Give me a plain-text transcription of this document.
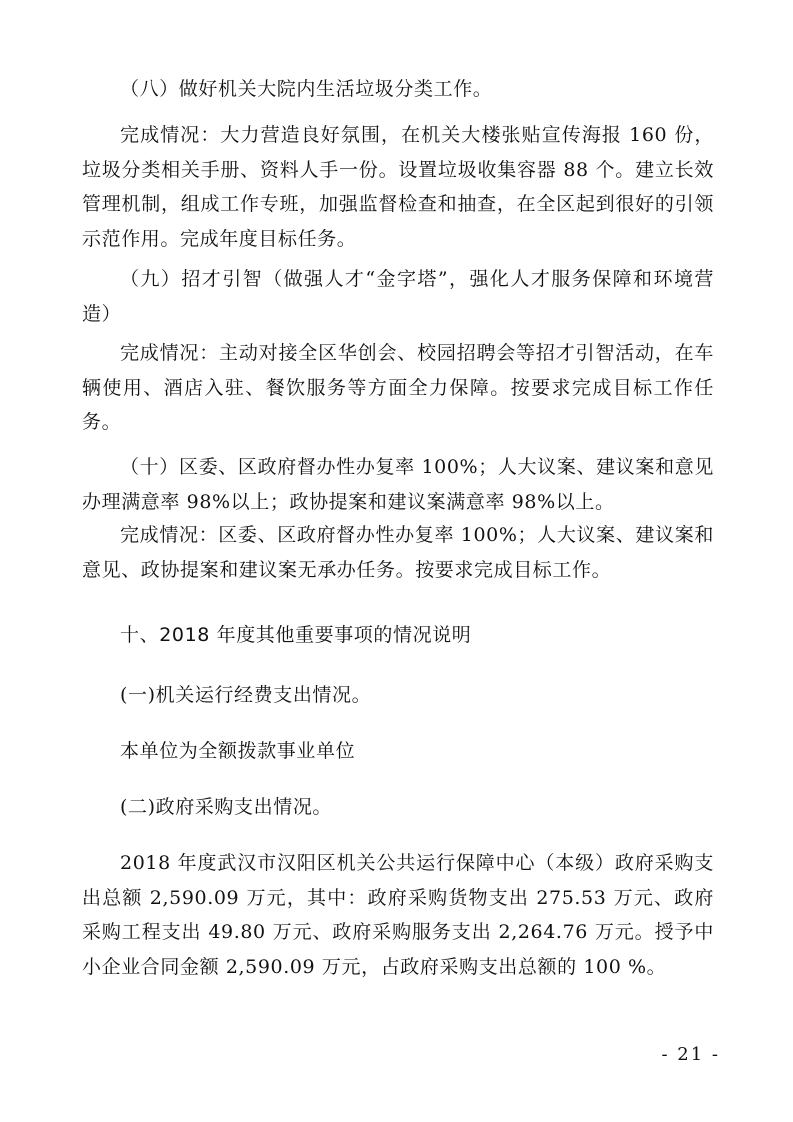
（八）做好机关大院内生活垃圾分类工作。

完成情况：大力营造良好氛围，在机关大楼张贴宣传海报 160 份，垃圾分类相关手册、资料人手一份。设置垃圾收集容器 88 个。建立长效管理机制，组成工作专班，加强监督检查和抽查，在全区起到很好的引领示范作用。完成年度目标任务。

（九）招才引智（做强人才“金字塔”，强化人才服务保障和环境营造）

完成情况：主动对接全区华创会、校园招聘会等招才引智活动，在车辆使用、酒店入驻、餐饮服务等方面全力保障。按要求完成目标工作任务。

（十）区委、区政府督办性办复率 100%；人大议案、建议案和意见办理满意率 98%以上；政协提案和建议案满意率 98%以上。

完成情况：区委、区政府督办性办复率 100%；人大议案、建议案和意见、政协提案和建议案无承办任务。按要求完成目标工作。

十、2018 年度其他重要事项的情况说明

(一)机关运行经费支出情况。

本单位为全额拨款事业单位

(二)政府采购支出情况。

2018 年度武汉市汉阳区机关公共运行保障中心（本级）政府采购支出总额 2,590.09 万元，其中：政府采购货物支出 275.53 万元、政府采购工程支出 49.80 万元、政府采购服务支出 2,264.76 万元。授予中小企业合同金额 2,590.09 万元，占政府采购支出总额的 100 %。

- 21 -
